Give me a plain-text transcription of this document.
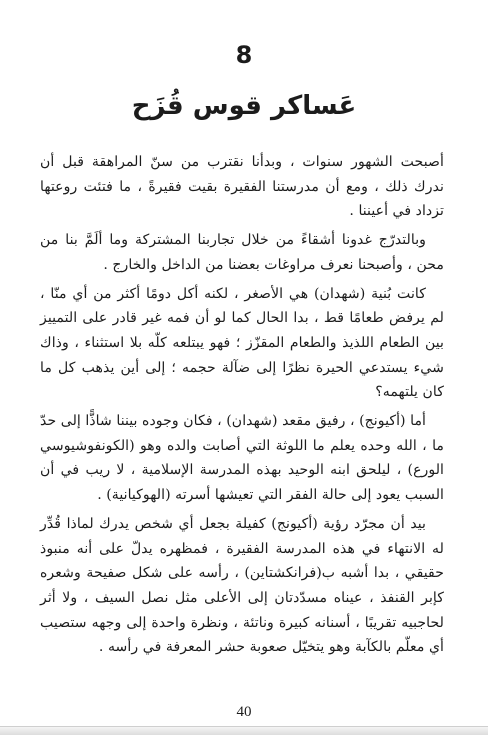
8
عَساكر قوس قُزَح

أصبحت الشهور سنوات ، وبدأنا نقترب من سنّ المراهقة قبل أن ندرك ذلك ، ومع أن مدرستنا الفقيرة بقيت فقيرةً ، ما فتئت روعتها تزداد في أعيننا .

وبالتدرّج غدونا أشقاءً من خلال تجاربنا المشتركة وما ألَمَّ بنا من محن ، وأصبحنا نعرف مراوغات بعضنا من الداخل والخارج .

كانت بُنية (شهدان) هي الأصغر ، لكنه أكل دومًا أكثر من أي منّا ، لم يرفض طعامًا قط ، بدا الحال كما لو أن فمه غير قادر على التمييز بين الطعام اللذيذ والطعام المقزّز ؛ فهو يبتلعه كلّه بلا استثناء ، وذاك شيء يستدعي الحيرة نظرًا إلى ضآلة حجمه ؛ إلى أين يذهب كل ما كان يلتهمه؟

أما (أكيونج) ، رفيق مقعد (شهدان) ، فكان وجوده بيننا شاذًّا إلى حدّ ما ، الله وحده يعلم ما اللوثة التي أصابت والده وهو (الكونفوشيوسي الورع) ، ليلحق ابنه الوحيد بهذه المدرسة الإسلامية ، لا ريب في أن السبب يعود إلى حالة الفقر التي تعيشها أسرته (الهوكيانية) .

بيد أن مجرّد رؤية (أكيونج) كفيلة بجعل أي شخص يدرك لماذا قُدِّر له الانتهاء في هذه المدرسة الفقيرة ، فمظهره يدلّ على أنه منبوذ حقيقي ، بدا أشبه ب(فرانكشتاين) ، رأسه على شكل صفيحة وشعره كإبر القنفذ ، عيناه مسدّدتان إلى الأعلى مثل نصل السيف ، ولا أثر لحاجبيه تقريبًا ، أسنانه كبيرة وناتئة ، ونظرة واحدة إلى وجهه ستصيب أي معلّم بالكآبة وهو يتخيّل صعوبة حشر المعرفة في رأسه .

40
